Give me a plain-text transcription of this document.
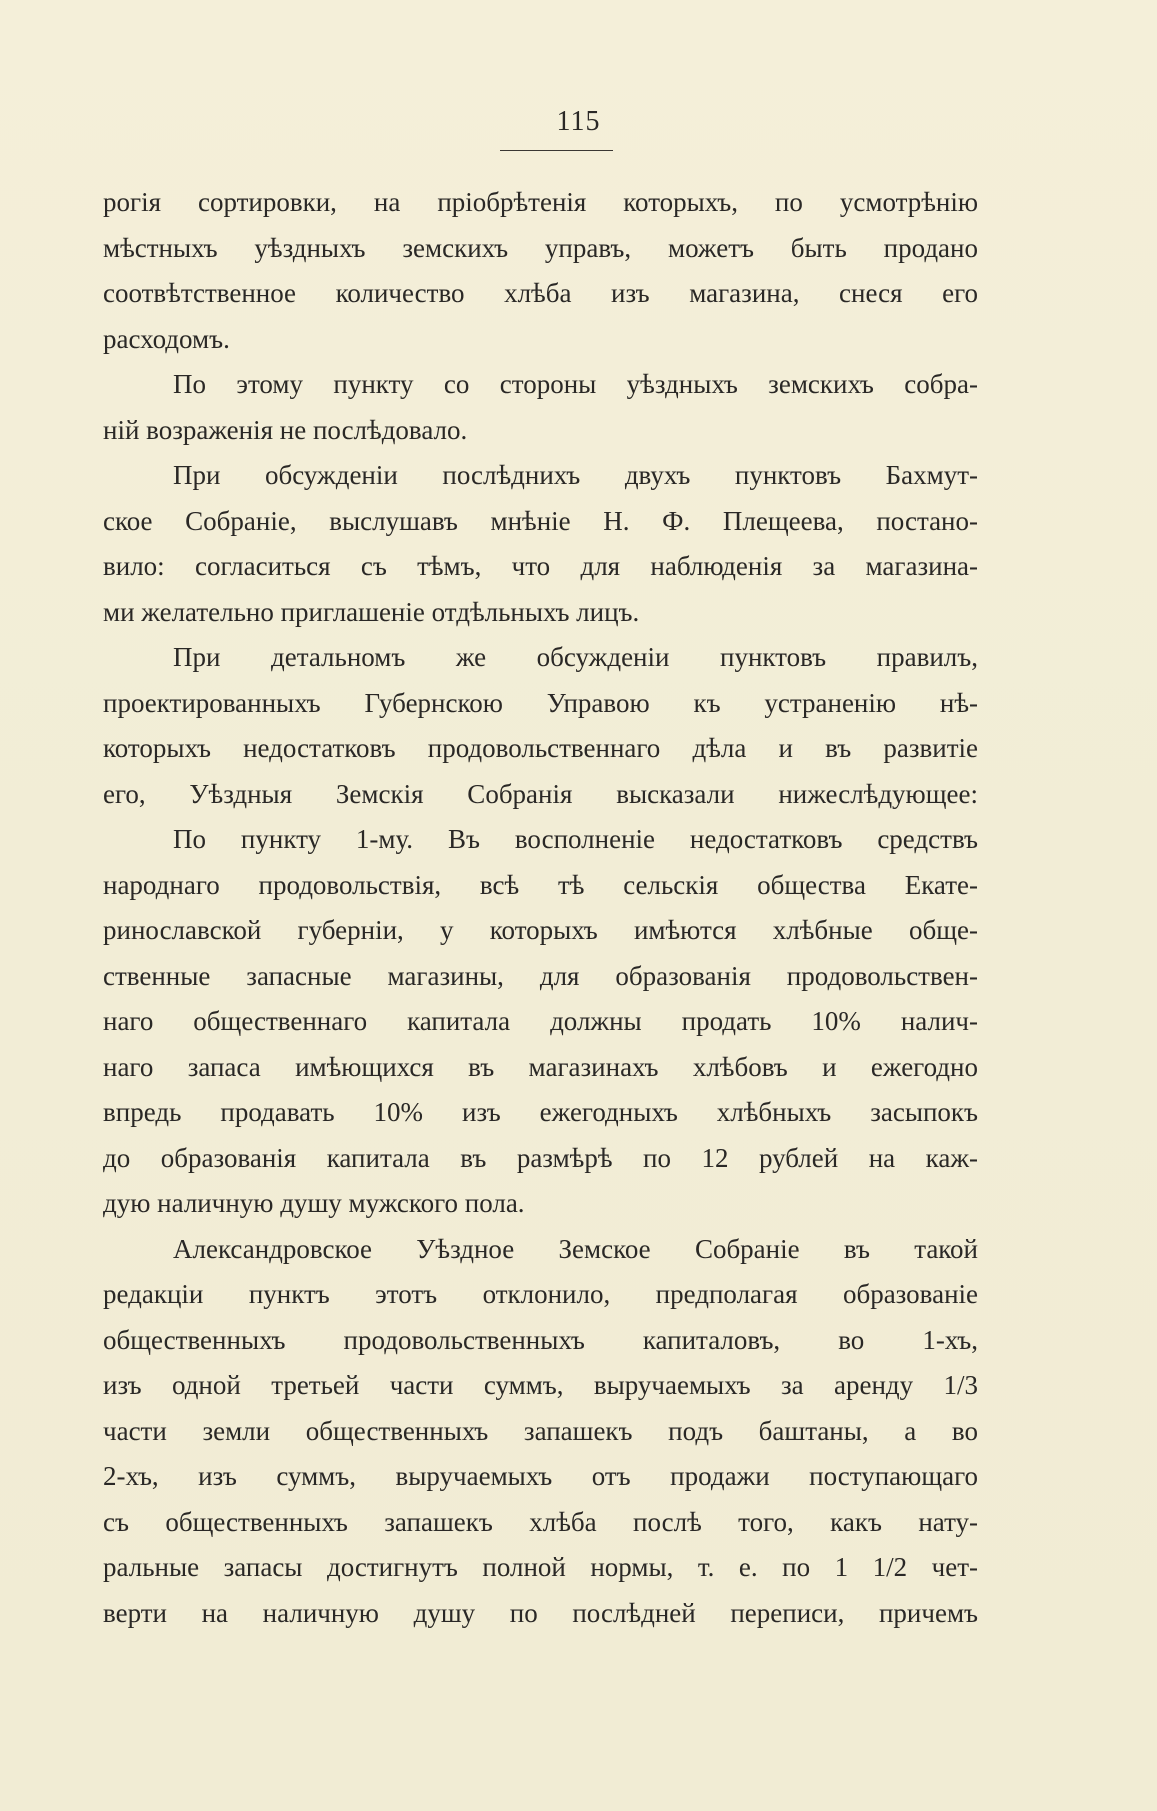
115
рогія сортировки, на пріобрѣтенія которыхъ, по усмотрѣнію
мѣстныхъ уѣздныхъ земскихъ управъ, можетъ быть продано
соотвѣтственное количество хлѣба изъ магазина, снеся его
расходомъ.
По этому пункту со стороны уѣздныхъ земскихъ собра-
ній возраженія не послѣдовало.
При обсужденіи послѣднихъ двухъ пунктовъ Бахмут-
ское Собраніе, выслушавъ мнѣніе Н. Ф. Плещеева, постано-
вило: согласиться съ тѣмъ, что для наблюденія за магазина-
ми желательно приглашеніе отдѣльныхъ лицъ.
При детальномъ же обсужденіи пунктовъ правилъ,
проектированныхъ Губернскою Управою къ устраненію нѣ-
которыхъ недостатковъ продовольственнаго дѣла и въ развитіе
его, Уѣздныя Земскія Собранія высказали нижеслѣдующее:
По пункту 1-му. Въ восполненіе недостатковъ средствъ
народнаго продовольствія, всѣ тѣ сельскія общества Екате-
ринославской губерніи, у которыхъ имѣются хлѣбные обще-
ственные запасные магазины, для образованія продовольствен-
наго общественнаго капитала должны продать 10% налич-
наго запаса имѣющихся въ магазинахъ хлѣбовъ и ежегодно
впредь продавать 10% изъ ежегодныхъ хлѣбныхъ засыпокъ
до образованія капитала въ размѣрѣ по 12 рублей на каж-
дую наличную душу мужского пола.
Александровское Уѣздное Земское Собраніе въ такой
редакціи пунктъ этотъ отклонило, предполагая образованіе
общественныхъ продовольственныхъ капиталовъ, во 1-хъ,
изъ одной третьей части суммъ, выручаемыхъ за аренду 1/3
части земли общественныхъ запашекъ подъ баштаны, а во
2-хъ, изъ суммъ, выручаемыхъ отъ продажи поступающаго
съ общественныхъ запашекъ хлѣба послѣ того, какъ нату-
ральные запасы достигнутъ полной нормы, т. е. по 1 1/2 чет-
верти на наличную душу по послѣдней переписи, причемъ
